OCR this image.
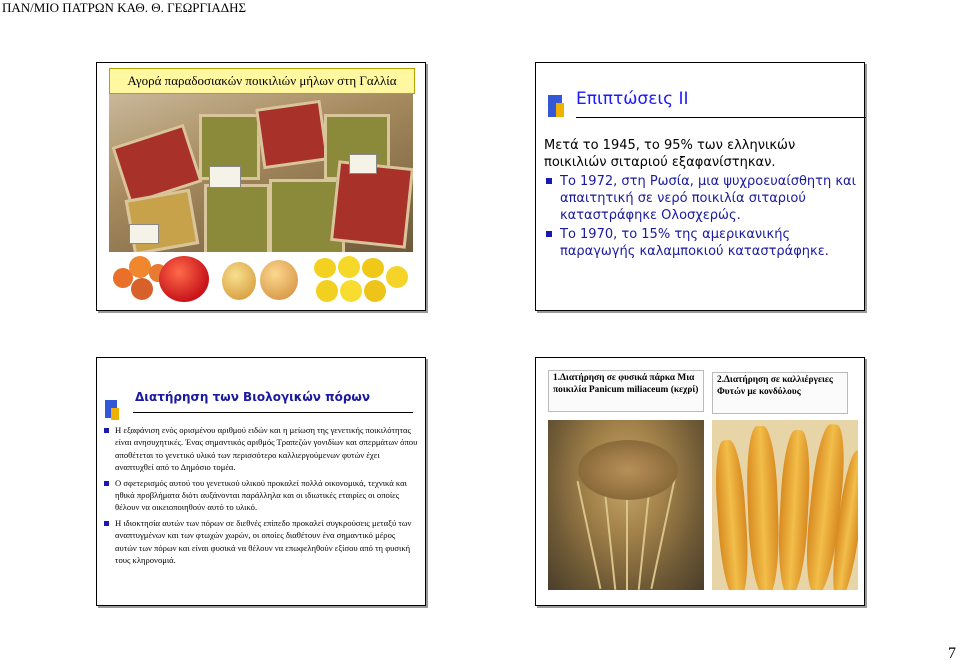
ΠΑΝ/ΜΙΟ ΠΑΤΡΩΝ ΚΑΘ. Θ. ΓΕΩΡΓΙΑΔΗΣ
Αγορά παραδοσιακών ποικιλιών μήλων στη Γαλλία
Επιπτώσεις ΙΙ
Μετά το 1945, το 95% των ελληνικών ποικιλιών σιταριού εξαφανίστηκαν.
Το 1972, στη Ρωσία, μια ψυχροευαίσθητη και απαιτητική σε νερό ποικιλία σιταριού καταστράφηκε Ολοσχερώς.
Το 1970, το 15% της αμερικανικής παραγωγής καλαμποκιού καταστράφηκε.
Διατήρηση των Βιολογικών πόρων
Η εξαφάνιση ενός ορισμένου αριθμού ειδών και η μείωση της γενετικής ποικιλότητας είναι ανησυχητικές. Ένας σημαντικός αριθμός Τραπεζών γονιδίων και σπερμάτων όπου αποθέτεται το γενετικό υλικό των περισσότερο καλλιεργούμενων φυτών έχει αναπτυχθεί από το Δημόσιο τομέα.
Ο σφετερισμός αυτού του γενετικού υλικού προκαλεί πολλά οικονομικά, τεχνικά και ηθικά προβλήματα διότι αυξάνονται παράλληλα και οι ιδιωτικές εταιρίες οι οποίες θέλουν να οικειοποιηθούν αυτό το υλικό.
Η ιδιοκτησία αυτών των πόρων σε διεθνές επίπεδο προκαλεί συγκρούσεις μεταξύ των αναπτυγμένων και των φτωχών χωρών, οι οποίες διαθέτουν ένα σημαντικό μέρος αυτών των πόρων και είναι φυσικά να θέλουν να επωφεληθούν εξίσου από τη φυσική τους κληρονομιά.
1.Διατήρηση σε φυσικά πάρκα Μια ποικιλία Panicum miliaceum (κεχρί)
2.Διατήρηση σε καλλιέργειες Φυτών με κονδύλους
7
